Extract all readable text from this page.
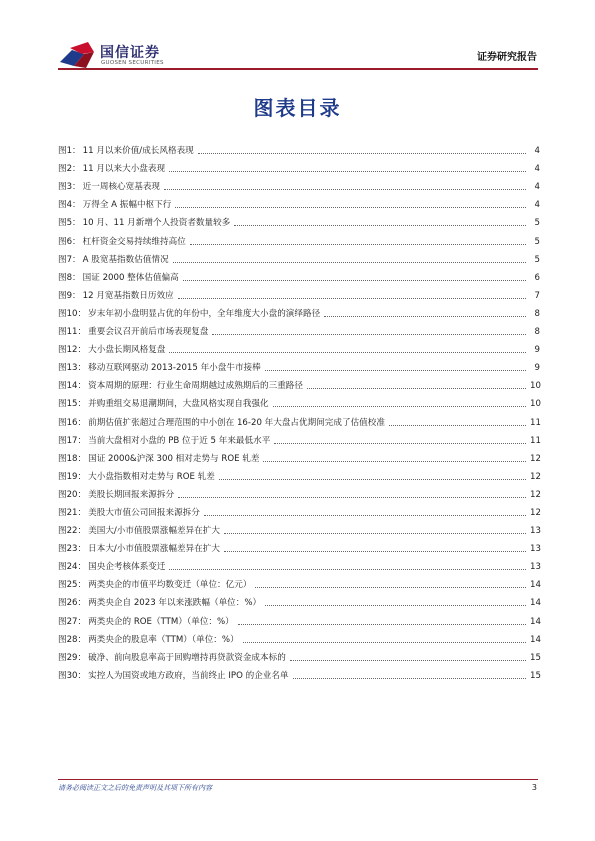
国信证券
GUOSEN SECURITIES	证券研究报告
图表目录
图1： 11 月以来价值/成长风格表现	4
图2： 11 月以来大小盘表现	4
图3： 近一周核心宽基表现	4
图4： 万得全 A 振幅中枢下行	4
图5： 10 月、11 月新增个人投资者数量较多	5
图6： 杠杆资金交易持续维持高位	5
图7： A 股宽基指数估值情况	5
图8： 国证 2000 整体估值偏高	6
图9： 12 月宽基指数日历效应	7
图10： 岁末年初小盘明显占优的年份中，全年维度大小盘的演绎路径	8
图11： 重要会议召开前后市场表现复盘	8
图12： 大小盘长期风格复盘	9
图13： 移动互联网驱动 2013-2015 年小盘牛市接棒	9
图14： 资本周期的原理：行业生命周期越过成熟期后的三重路径	10
图15： 并购重组交易退潮期间，大盘风格实现自我强化	10
图16： 前期估值扩张超过合理范围的中小创在 16-20 年大盘占优期间完成了估值校准	11
图17： 当前大盘相对小盘的 PB 位于近 5 年来最低水平	11
图18： 国证 2000&沪深 300 相对走势与 ROE 轧差	12
图19： 大小盘指数相对走势与 ROE 轧差	12
图20： 美股长期回报来源拆分	12
图21： 美股大市值公司回报来源拆分	12
图22： 美国大/小市值股票涨幅差异在扩大	13
图23： 日本大/小市值股票涨幅差异在扩大	13
图24： 国央企考核体系变迁	13
图25： 两类央企的市值平均数变迁（单位：亿元）	14
图26： 两类央企自 2023 年以来涨跌幅（单位：%）	14
图27： 两类央企的 ROE（TTM）（单位：%）	14
图28： 两类央企的股息率（TTM）（单位：%）	14
图29： 破净、前向股息率高于回购增持再贷款资金成本标的	15
图30： 实控人为国资或地方政府，当前终止 IPO 的企业名单	15
请务必阅读正文之后的免责声明及其项下所有内容	3
